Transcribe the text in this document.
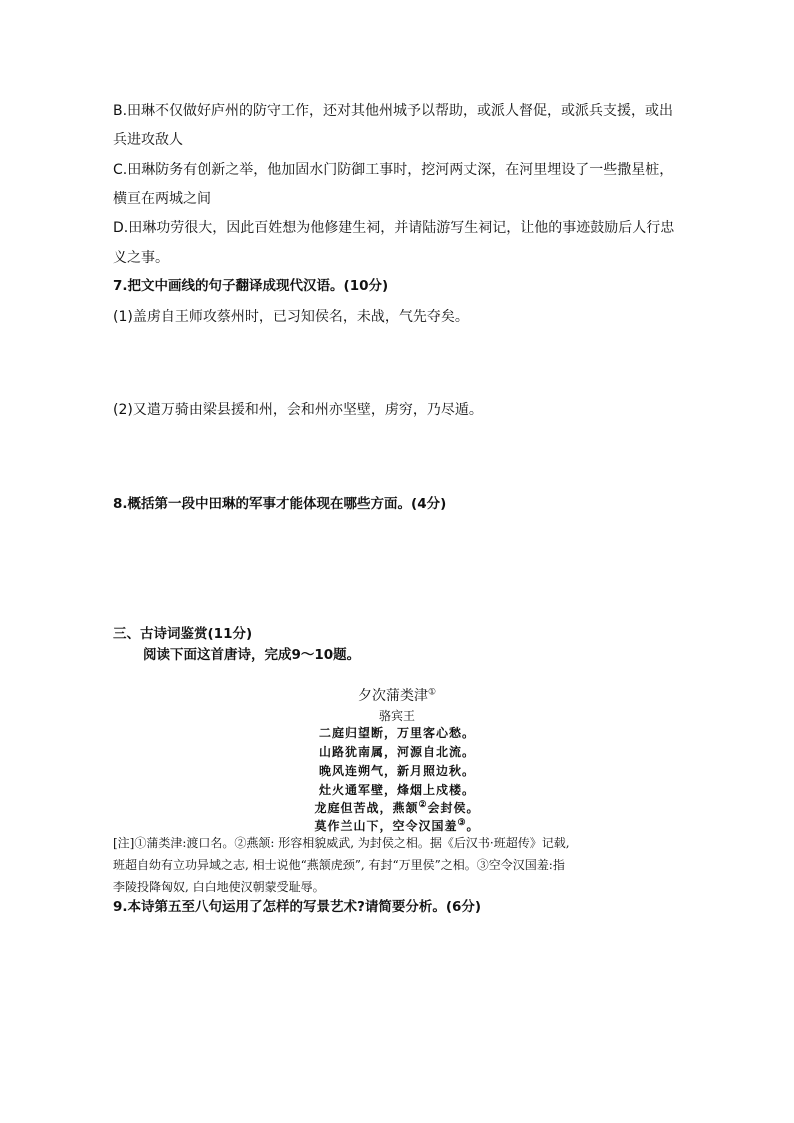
B.田琳不仅做好庐州的防守工作，还对其他州城予以帮助，或派人督促，或派兵支援，或出
兵进攻敌人
C.田琳防务有创新之举，他加固水门防御工事时，挖河两丈深，在河里埋设了一些撒星桩，
横亘在两城之间
D.田琳功劳很大，因此百姓想为他修建生祠，并请陆游写生祠记，让他的事迹鼓励后人行忠
义之事。
7.把文中画线的句子翻译成现代汉语。(10分)
(1)盖虏自王师攻蔡州时，已习知侯名，未战，气先夺矣。
(2)又遣万骑由梁县援和州，会和州亦坚壁，虏穷，乃尽遁。
8.概括第一段中田琳的军事才能体现在哪些方面。(4分)
三、古诗词鉴赏(11分)
阅读下面这首唐诗，完成9～10题。
夕次蒲类津①
骆宾王
二庭归望断，万里客心愁。
山路犹南属，河源自北流。
晚风连朔气，新月照边秋。
灶火通军壁，烽烟上戍楼。
龙庭但苦战，燕颔②会封侯。
莫作兰山下，空令汉国羞③。
[注]①蒲类津:渡口名。②燕颔: 形容相貌威武, 为封侯之相。据《后汉书·班超传》记载,
班超自幼有立功异域之志, 相士说他“燕颔虎颈”, 有封“万里侯”之相。③空令汉国羞:指
李陵投降匈奴, 白白地使汉朝蒙受耻辱。
9.本诗第五至八句运用了怎样的写景艺术?请简要分析。(6分)
